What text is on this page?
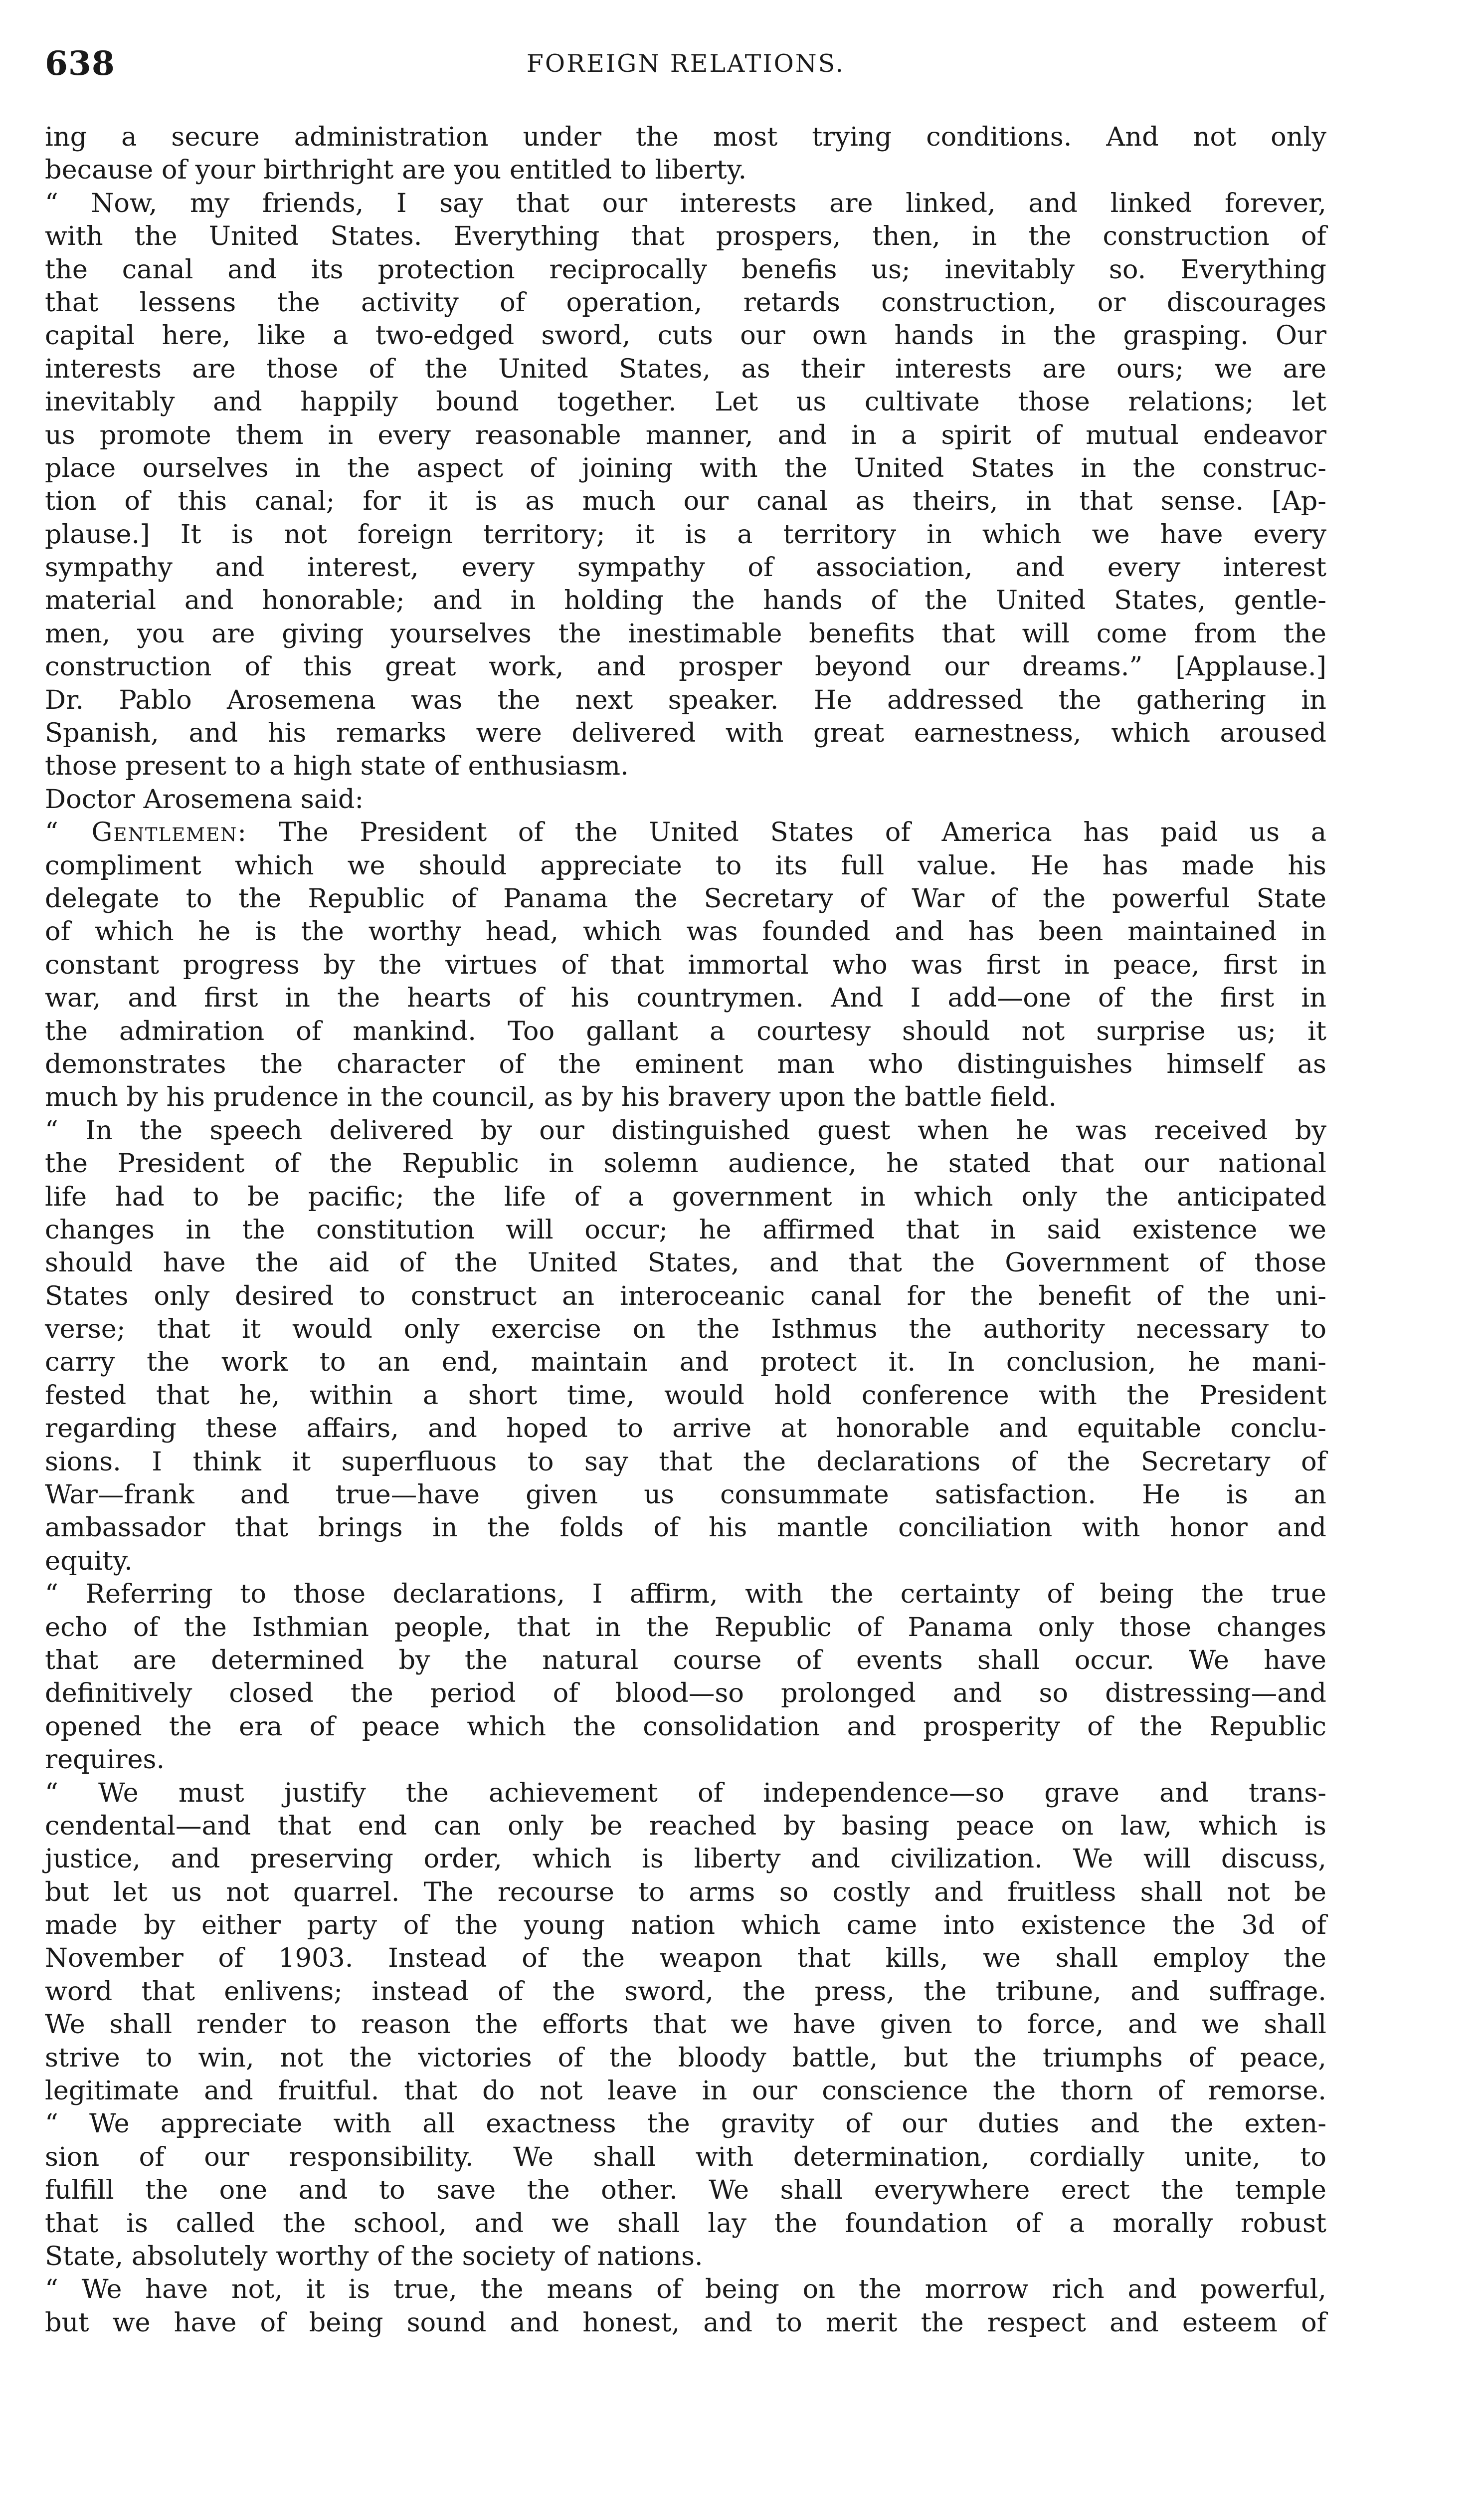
638	FOREIGN RELATIONS.
ing a secure administration under the most trying conditions. And not only
because of your birthright are you entitled to liberty.
“ Now, my friends, I say that our interests are linked, and linked forever,
with the United States. Everything that prospers, then, in the construction of
the canal and its protection reciprocally benefis us; inevitably so. Everything
that lessens the activity of operation, retards construction, or discourages
capital here, like a two-edged sword, cuts our own hands in the grasping. Our
interests are those of the United States, as their interests are ours; we are
inevitably and happily bound together. Let us cultivate those relations; let
us promote them in every reasonable manner, and in a spirit of mutual endeavor
place ourselves in the aspect of joining with the United States in the construc-
tion of this canal; for it is as much our canal as theirs, in that sense. [Ap-
plause.] It is not foreign territory; it is a territory in which we have every
sympathy and interest, every sympathy of association, and every interest
material and honorable; and in holding the hands of the United States, gentle-
men, you are giving yourselves the inestimable benefits that will come from the
construction of this great work, and prosper beyond our dreams.” [Applause.]
Dr. Pablo Arosemena was the next speaker. He addressed the gathering in
Spanish, and his remarks were delivered with great earnestness, which aroused
those present to a high state of enthusiasm.
Doctor Arosemena said:
“ Gentlemen: The President of the United States of America has paid us a
compliment which we should appreciate to its full value. He has made his
delegate to the Republic of Panama the Secretary of War of the powerful State
of which he is the worthy head, which was founded and has been maintained in
constant progress by the virtues of that immortal who was first in peace, first in
war, and first in the hearts of his countrymen. And I add—one of the first in
the admiration of mankind. Too gallant a courtesy should not surprise us; it
demonstrates the character of the eminent man who distinguishes himself as
much by his prudence in the council, as by his bravery upon the battle field.
“ In the speech delivered by our distinguished guest when he was received by
the President of the Republic in solemn audience, he stated that our national
life had to be pacific; the life of a government in which only the anticipated
changes in the constitution will occur; he affirmed that in said existence we
should have the aid of the United States, and that the Government of those
States only desired to construct an interoceanic canal for the benefit of the uni-
verse; that it would only exercise on the Isthmus the authority necessary to
carry the work to an end, maintain and protect it. In conclusion, he mani-
fested that he, within a short time, would hold conference with the President
regarding these affairs, and hoped to arrive at honorable and equitable conclu-
sions. I think it superfluous to say that the declarations of the Secretary of
War—frank and true—have given us consummate satisfaction. He is an
ambassador that brings in the folds of his mantle conciliation with honor and
equity.
“ Referring to those declarations, I affirm, with the certainty of being the true
echo of the Isthmian people, that in the Republic of Panama only those changes
that are determined by the natural course of events shall occur. We have
definitively closed the period of blood—so prolonged and so distressing—and
opened the era of peace which the consolidation and prosperity of the Republic
requires.
“ We must justify the achievement of independence—so grave and trans-
cendental—and that end can only be reached by basing peace on law, which is
justice, and preserving order, which is liberty and civilization. We will discuss,
but let us not quarrel. The recourse to arms so costly and fruitless shall not be
made by either party of the young nation which came into existence the 3d of
November of 1903. Instead of the weapon that kills, we shall employ the
word that enlivens; instead of the sword, the press, the tribune, and suffrage.
We shall render to reason the efforts that we have given to force, and we shall
strive to win, not the victories of the bloody battle, but the triumphs of peace,
legitimate and fruitful. that do not leave in our conscience the thorn of remorse.
“ We appreciate with all exactness the gravity of our duties and the exten-
sion of our responsibility. We shall with determination, cordially unite, to
fulfill the one and to save the other. We shall everywhere erect the temple
that is called the school, and we shall lay the foundation of a morally robust
State, absolutely worthy of the society of nations.
“ We have not, it is true, the means of being on the morrow rich and powerful,
but we have of being sound and honest, and to merit the respect and esteem of
